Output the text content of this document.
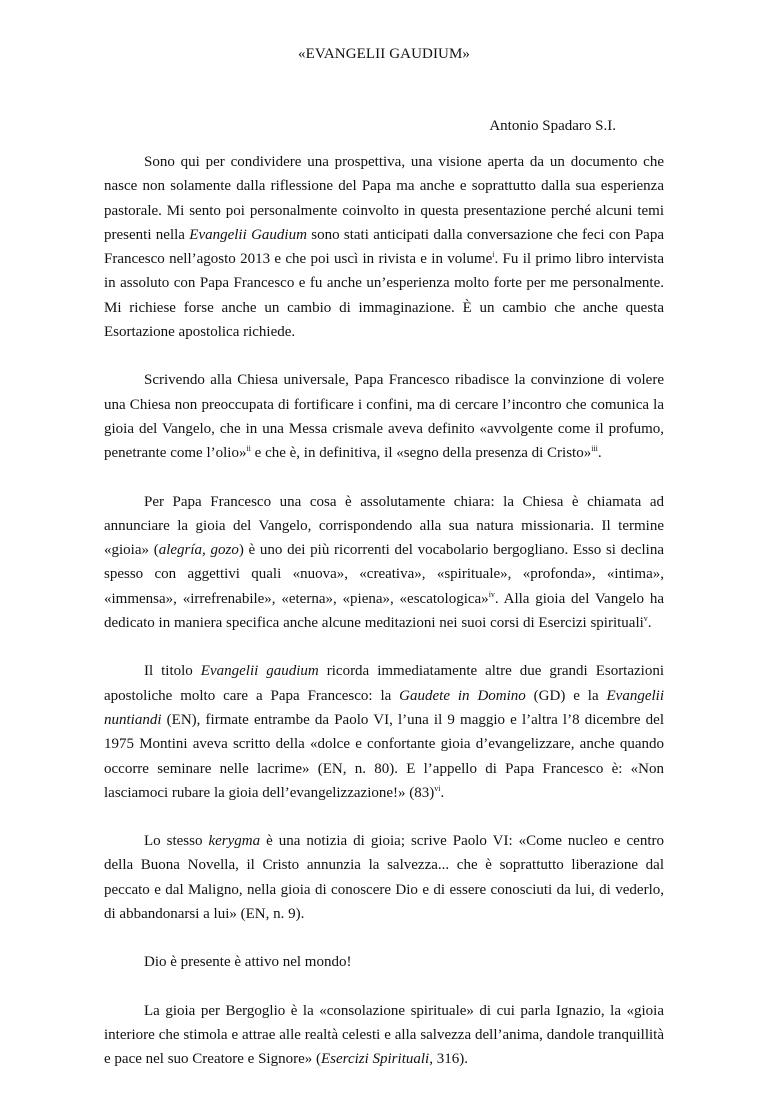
«EVANGELII GAUDIUM»
Antonio Spadaro S.I.

Sono qui per condividere una prospettiva, una visione aperta da un documento che nasce non solamente dalla riflessione del Papa ma anche e soprattutto dalla sua esperienza pastorale. Mi sento poi personalmente coinvolto in questa presentazione perché alcuni temi presenti nella Evangelii Gaudium sono stati anticipati dalla conversazione che feci con Papa Francesco nell’agosto 2013 e che poi uscì in rivista e in volume$^i$. Fu il primo libro intervista in assoluto con Papa Francesco e fu anche un’esperienza molto forte per me personalmente. Mi richiese forse anche un cambio di immaginazione. È un cambio che anche questa Esortazione apostolica richiede.

Scrivendo alla Chiesa universale, Papa Francesco ribadisce la convinzione di volere una Chiesa non preoccupata di fortificare i confini, ma di cercare l’incontro che comunica la gioia del Vangelo, che in una Messa crismale aveva definito «avvolgente come il profumo, penetrante come l’olio»$^{ii}$ e che è, in definitiva, il «segno della presenza di Cristo»$^{iii}$.

Per Papa Francesco una cosa è assolutamente chiara: la Chiesa è chiamata ad annunciare la gioia del Vangelo, corrispondendo alla sua natura missionaria. Il termine «gioia» (alegría, gozo) è uno dei più ricorrenti del vocabolario bergogliano. Esso si declina spesso con aggettivi quali «nuova», «creativa», «spirituale», «profonda», «intima», «immensa», «irrefrenabile», «eterna», «piena», «escatologica»$^{iv}$. Alla gioia del Vangelo ha dedicato in maniera specifica anche alcune meditazioni nei suoi corsi di Esercizi spirituali$^v$.

Il titolo Evangelii gaudium ricorda immediatamente altre due grandi Esortazioni apostoliche molto care a Papa Francesco: la Gaudete in Domino (GD) e la Evangelii nuntiandi (EN), firmate entrambe da Paolo VI, l’una il 9 maggio e l’altra l’8 dicembre del 1975 Montini aveva scritto della «dolce e confortante gioia d’evangelizzare, anche quando occorre seminare nelle lacrime» (EN, n. 80). E l’appello di Papa Francesco è: «Non lasciamoci rubare la gioia dell’evangelizzazione!» $(83)^{vi}$.

Lo stesso kerygma è una notizia di gioia; scrive Paolo VI: «Come nucleo e centro della Buona Novella, il Cristo annunzia la salvezza... che è soprattutto liberazione dal peccato e dal Maligno, nella gioia di conoscere Dio e di essere conosciuti da lui, di vederlo, di abbandonarsi a lui» (EN, n. 9).

Dio è presente è attivo nel mondo!

La gioia per Bergoglio è la «consolazione spirituale» di cui parla Ignazio, la «gioia interiore che stimola e attrae alle realtà celesti e alla salvezza dell’anima, dandole tranquillità e pace nel suo Creatore e Signore» (Esercizi Spirituali, 316).
